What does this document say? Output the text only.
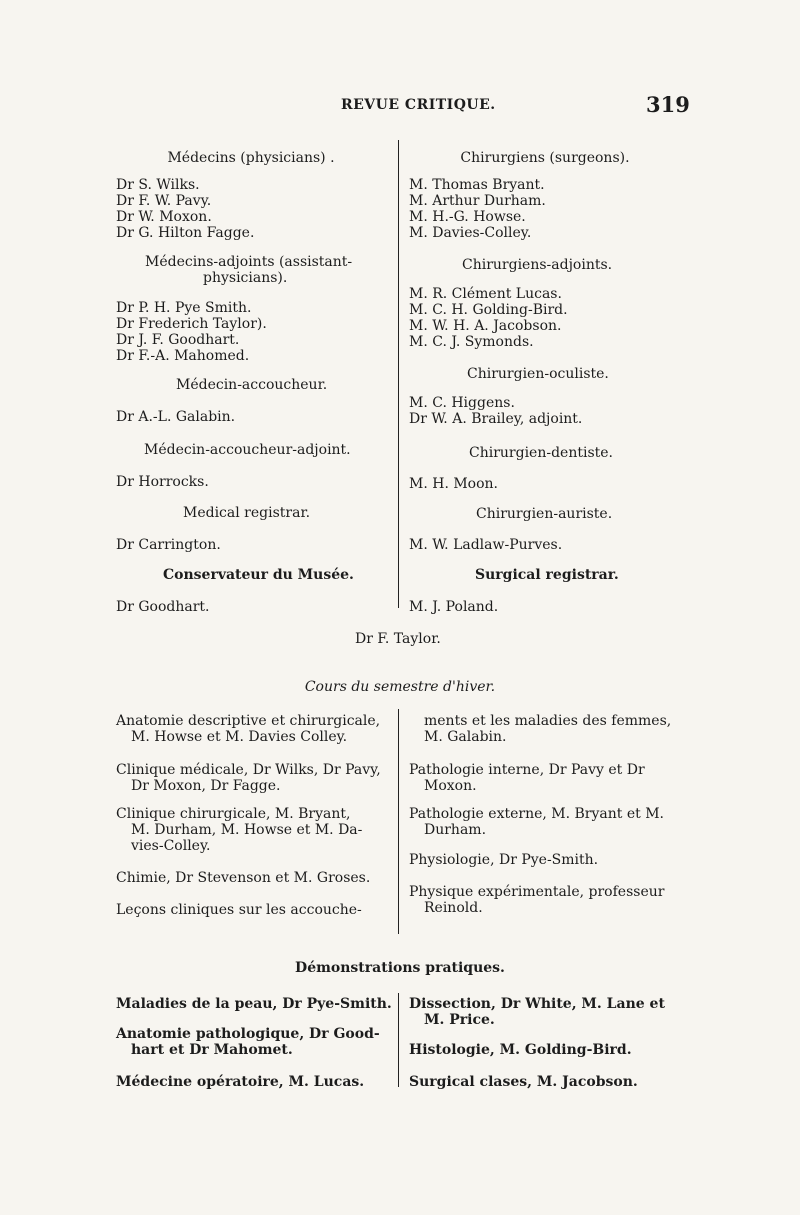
REVUE CRITIQUE.	319
Médecins (physicians) .
Dr S. Wilks.
Dr F. W. Pavy.
Dr W. Moxon.
Dr G. Hilton Fagge.
Médecins-adjoints (assistant-
physicians).
Dr P. H. Pye Smith.
Dr Frederich Taylor).
Dr J. F. Goodhart.
Dr F.-A. Mahomed.
Médecin-accoucheur.
Dr A.-L. Galabin.
Médecin-accoucheur-adjoint.
Dr Horrocks.
Medical registrar.
Dr Carrington.
Conservateur du Musée.
Dr Goodhart.
Chirurgiens (surgeons).
M. Thomas Bryant.
M. Arthur Durham.
M. H.-G. Howse.
M. Davies-Colley.
Chirurgiens-adjoints.
M. R. Clément Lucas.
M. C. H. Golding-Bird.
M. W. H. A. Jacobson.
M. C. J. Symonds.
Chirurgien-oculiste.
M. C. Higgens.
Dr W. A. Brailey, adjoint.
Chirurgien-dentiste.
M. H. Moon.
Chirurgien-auriste.
M. W. Ladlaw-Purves.
Surgical registrar.
M. J. Poland.
Dr F. Taylor.
Cours du semestre d'hiver.
Anatomie descriptive et chirurgicale,
M. Howse et M. Davies Colley.
Clinique médicale, Dr Wilks, Dr Pavy,
Dr Moxon, Dr Fagge.
Clinique chirurgicale, M. Bryant,
M. Durham, M. Howse et M. Da-
vies-Colley.
Chimie, Dr Stevenson et M. Groses.
Leçons cliniques sur les accouche-
ments et les maladies des femmes,
M. Galabin.
Pathologie interne, Dr Pavy et Dr
Moxon.
Pathologie externe, M. Bryant et M.
Durham.
Physiologie, Dr Pye-Smith.
Physique expérimentale, professeur
Reinold.
Démonstrations pratiques.
Maladies de la peau, Dr Pye-Smith.
Anatomie pathologique, Dr Good-
hart et Dr Mahomet.
Médecine opératoire, M. Lucas.
Dissection, Dr White, M. Lane et
M. Price.
Histologie, M. Golding-Bird.
Surgical clases, M. Jacobson.
